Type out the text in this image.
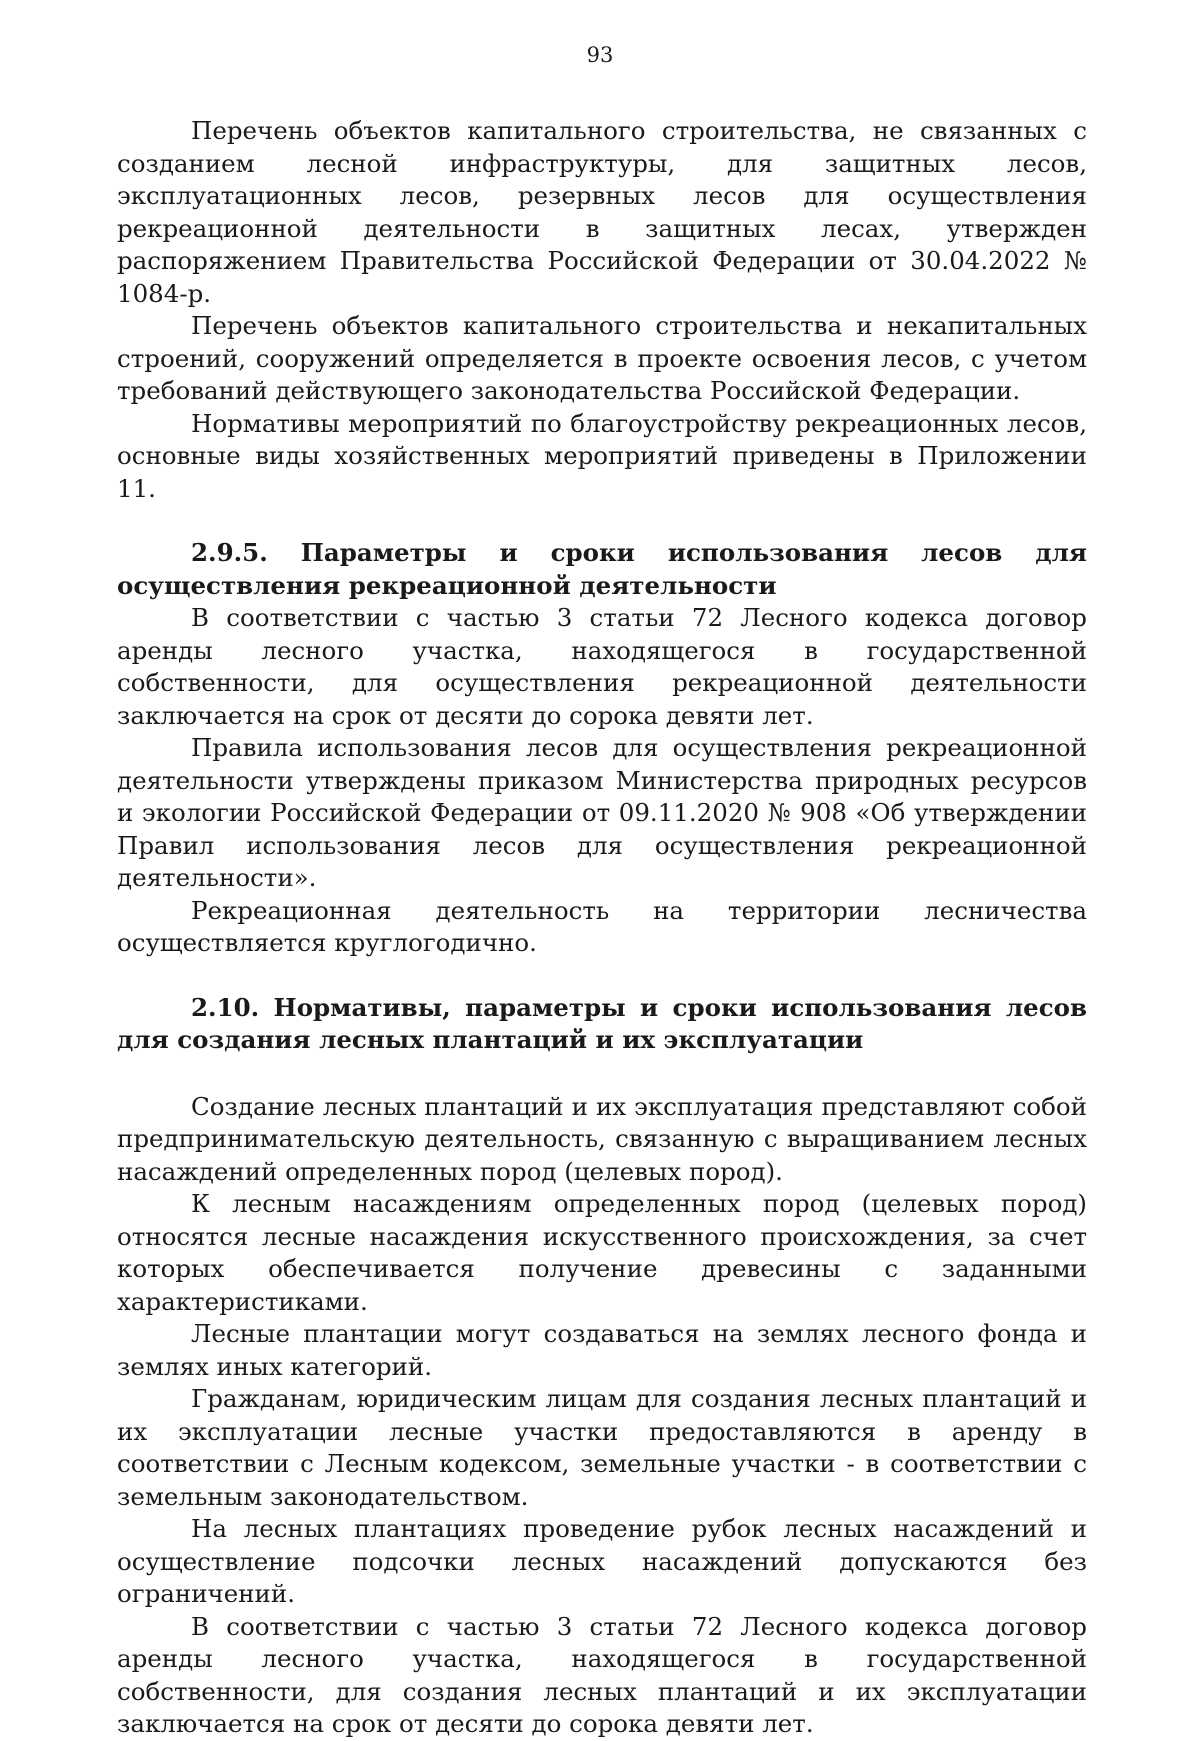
93

Перечень объектов капитального строительства, не связанных с созданием лесной инфраструктуры, для защитных лесов, эксплуатационных лесов, резервных лесов для осуществления рекреационной деятельности в защитных лесах, утвержден распоряжением Правительства Российской Федерации от 30.04.2022 № 1084-р.

Перечень объектов капитального строительства и некапитальных строений, сооружений определяется в проекте освоения лесов, с учетом требований действующего законодательства Российской Федерации.

Нормативы мероприятий по благоустройству рекреационных лесов, основные виды хозяйственных мероприятий приведены в Приложении 11.

2.9.5. Параметры и сроки использования лесов для осуществления рекреационной деятельности

В соответствии с частью 3 статьи 72 Лесного кодекса договор аренды лесного участка, находящегося в государственной собственности, для осуществления рекреационной деятельности заключается на срок от десяти до сорока девяти лет.

Правила использования лесов для осуществления рекреационной деятельности утверждены приказом Министерства природных ресурсов и экологии Российской Федерации от 09.11.2020 № 908 «Об утверждении Правил использования лесов для осуществления рекреационной деятельности».

Рекреационная деятельность на территории лесничества осуществляется круглогодично.

2.10. Нормативы, параметры и сроки использования лесов для создания лесных плантаций и их эксплуатации

Создание лесных плантаций и их эксплуатация представляют собой предпринимательскую деятельность, связанную с выращиванием лесных насаждений определенных пород (целевых пород).

К лесным насаждениям определенных пород (целевых пород) относятся лесные насаждения искусственного происхождения, за счет которых обеспечивается получение древесины с заданными характеристиками.

Лесные плантации могут создаваться на землях лесного фонда и землях иных категорий.

Гражданам, юридическим лицам для создания лесных плантаций и их эксплуатации лесные участки предоставляются в аренду в соответствии с Лесным кодексом, земельные участки - в соответствии с земельным законодательством.

На лесных плантациях проведение рубок лесных насаждений и осуществление подсочки лесных насаждений допускаются без ограничений.

В соответствии с частью 3 статьи 72 Лесного кодекса договор аренды лесного участка, находящегося в государственной собственности, для создания лесных плантаций и их эксплуатации заключается на срок от десяти до сорока девяти лет.
